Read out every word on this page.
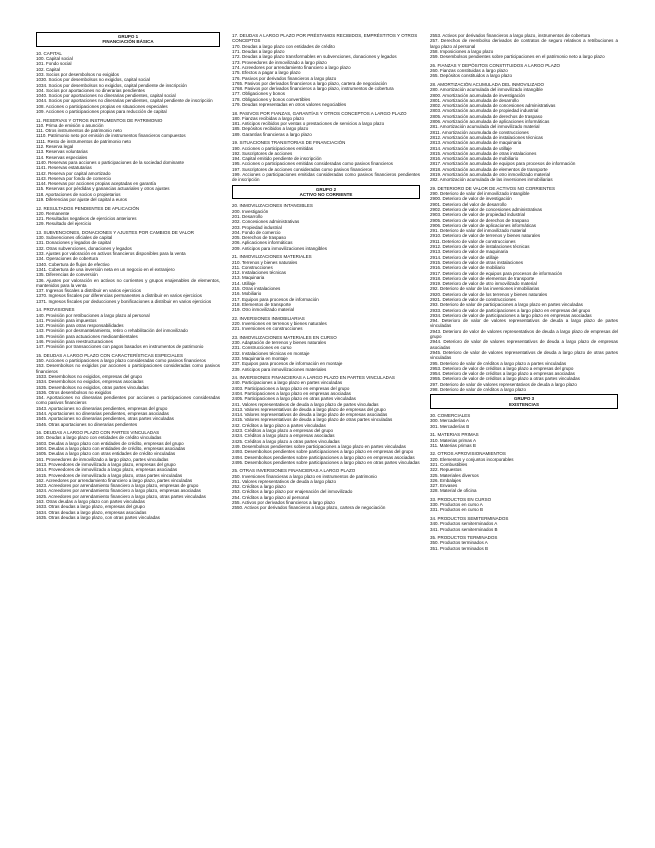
GRUPO 1
FINANCIACIÓN BÁSICA
10. CAPITAL
100. Capital social
101. Fondo social
102. Capital
103. Socios por desembolsos no exigidos
1030. Socios por desembolsos no exigidos, capital social
1034. Socios por desembolsos no exigidos, capital pendiente de inscripción
104. Socios por aportaciones no dinerarias pendientes
1040. Socios por aportaciones no dinerarias pendientes, capital social
1044. Socios por aportaciones no dinerarias pendientes, capital pendiente de inscripción
108. Acciones o participaciones propias en situaciones especiales
109. Acciones o participaciones propias para reducción de capital
11. RESERVAS Y OTROS INSTRUMENTOS DE PATRIMONIO
110. Prima de emisión o asunción
111. Otros instrumentos de patrimonio neto
1110. Patrimonio neto por emisión de instrumentos financieros compuestos
1111. Resto de instrumentos de patrimonio neto
112. Reserva legal
113. Reservas voluntarias
114. Reservas especiales
1140. Reservas para acciones o participaciones de la sociedad dominante
1141. Reservas estatutarias
1142. Reserva por capital amortizado
1143. Reserva por fondo de comercio
1144. Reservas por acciones propias aceptadas en garantía
115. Reservas por pérdidas y ganancias actuariales y otros ajustes
118. Aportaciones de socios o propietarios
119. Diferencias por ajuste del capital a euros
12. RESULTADOS PENDIENTES DE APLICACIÓN
120. Remanente
121. Resultados negativos de ejercicios anteriores
129. Resultado del ejercicio
13. SUBVENCIONES, DONACIONES Y AJUSTES POR CAMBIOS DE VALOR
130. Subvenciones oficiales de capital
131. Donaciones y legados de capital
132. Otras subvenciones, donaciones y legados
133. Ajustes por valoración en activos financieros disponibles para la venta
134. Operaciones de cobertura
1340. Cobertura de flujos de efectivo
1341. Cobertura de una inversión neta en un negocio en el extranjero
135. Diferencias de conversión
136. Ajustes por valoración en activos no corrientes y grupos enajenables de elementos, mantenidos para la venta
137. Ingresos fiscales a distribuir en varios ejercicios
1370. Ingresos fiscales por diferencias permanentes a distribuir en varios ejercicios
1371. Ingresos fiscales por deducciones y bonificaciones a distribuir en varios ejercicios
14. PROVISIONES
140. Provisión por retribuciones a largo plazo al personal
141. Provisión para impuestos
142. Provisión para otras responsabilidades
143. Provisión por desmantelamiento, retiro o rehabilitación del inmovilizado
145. Provisión para actuaciones medioambientales
146. Provisión para reestructuraciones
147. Provisión por transacciones con pagos basados en instrumentos de patrimonio
15. DEUDAS A LARGO PLAZO CON CARACTERÍSTICAS ESPECIALES
150. Acciones o participaciones a largo plazo consideradas como pasivos financieros
153. Desembolsos no exigidos por acciones o participaciones consideradas como pasivos financieros
1533. Desembolsos no exigidos, empresas del grupo
1534. Desembolsos no exigidos, empresas asociadas
1535. Desembolsos no exigidos, otras partes vinculadas
1536. Otros desembolsos no exigidos
154. Aportaciones no dinerarias pendientes por acciones o participaciones consideradas como pasivos financieros
1543. Aportaciones no dinerarias pendientes, empresas del grupo
1544. Aportaciones no dinerarias pendientes, empresas asociadas
1545. Aportaciones no dinerarias pendientes, otras partes vinculadas
1546. Otras aportaciones no dinerarias pendientes
16. DEUDAS A LARGO PLAZO CON PARTES VINCULADAS
160. Deudas a largo plazo con entidades de crédito vinculadas
1603. Deudas a largo plazo con entidades de crédito, empresas del grupo
1604. Deudas a largo plazo con entidades de crédito, empresas asociadas
1605. Deudas a largo plazo con otras entidades de crédito vinculadas
161. Proveedores de inmovilizado a largo plazo, partes vinculadas
1613. Proveedores de inmovilizado a largo plazo, empresas del grupo
1614. Proveedores de inmovilizado a largo plazo, empresas asociadas
1615. Proveedores de inmovilizado a largo plazo, otras partes vinculadas
162. Acreedores por arrendamiento financiero a largo plazo, partes vinculadas
1623. Acreedores por arrendamiento financiero a largo plazo, empresas de grupo
1624. Acreedores por arrendamiento financiero a largo plazo, empresas asociadas
1625. Acreedores por arrendamiento financiero a largo plazo, otras partes vinculadas
163. Otras deudas a largo plazo con partes vinculadas
1633. Otras deudas a largo plazo, empresas del grupo
1634. Otras deudas a largo plazo, empresas asociadas
1635. Otras deudas a largo plazo, con otras partes vinculadas
17. DEUDAS A LARGO PLAZO POR PRÉSTAMOS RECIBIDOS, EMPRÉSTITOS Y OTROS CONCEPTOS
170. Deudas a largo plazo con entidades de crédito
171. Deudas a largo plazo
172. Deudas a largo plazo transformables en subvenciones, donaciones y legados
173. Proveedores de inmovilizado a largo plazo
174. Acreedores por arrendamiento financiero a largo plazo
175. Efectos a pagar a largo plazo
176. Pasivos por derivados financieros a largo plazo
1765. Pasivos por derivados financieros a largo plazo, cartera de negociación
1768. Pasivos por derivados financieros a largo plazo, instrumentos de cobertura
177. Obligaciones y bonos
178. Obligaciones y bonos convertibles
179. Deudas representadas en otros valores negociables
18. PASIVOS POR FIANZAS, GARANTÍAS Y OTROS CONCEPTOS A LARGO PLAZO
180. Fianzas recibidas a largo plazo
181. Anticipos recibidos por ventas o prestaciones de servicios a largo plazo
185. Depósitos recibidos a largo plazo
189. Garantías financieras a largo plazo
19. SITUACIONES TRANSITORIAS DE FINANCIACIÓN
190. Acciones o participaciones emitidas
192. Suscriptores de acciones
194. Capital emitido pendiente de inscripción
195. Acciones o participaciones emitidas consideradas como pasivos financieros
197. Suscriptores de acciones consideradas como pasivos financieros
199. Acciones o participaciones emitidas consideradas como pasivos financieros pendientes de inscripción
GRUPO 2
ACTIVO NO CORRIENTE
20. INMOVILIZACIONES INTANGIBLES
200. Investigación
201. Desarrollo
202. Concesiones administrativas
203. Propiedad industrial
204. Fondo de comercio
205. Derechos de traspaso
206. Aplicaciones informáticas
209. Anticipos para inmovilizaciones intangibles
21. INMOVILIZACIONES MATERIALES
210. Terrenos y bienes naturales
211. Construcciones
212. Instalaciones técnicas
213. Maquinaria
214. Utillaje
215. Otras instalaciones
216. Mobiliario
217. Equipos para procesos de información
218. Elementos de transporte
219. Otro inmovilizado material
22. INVERSIONES INMOBILIARIAS
220. Inversiones en terrenos y bienes naturales
221. Inversiones en construcciones
23. INMOVILIZACIONES MATERIALES EN CURSO
230. Adaptación de terrenos y bienes naturales
231. Construcciones en curso
232. Instalaciones técnicas en montaje
233. Maquinaria en montaje
237. Equipos para procesos de información en montaje
239. Anticipos para inmovilizaciones materiales
24. INVERSIONES FINANCIERAS A LARGO PLAZO EN PARTES VINCULADAS
240. Participaciones a largo plazo en partes vinculadas
2403. Participaciones a largo plazo en empresas del grupo
2404. Participaciones a largo plazo en empresas asociadas
2405. Participaciones a largo plazo en otras partes vinculadas
241. Valores representativos de deuda a largo plazo de partes vinculadas
2413. Valores representativos de deuda a largo plazo de empresas del grupo
2414. Valores representativos de deuda a largo plazo de empresas asociadas
2415. Valores representativos de deuda a largo plazo de otras partes vinculadas
242. Créditos a largo plazo a partes vinculadas
2423. Créditos a largo plazo a empresas del grupo
2424. Créditos a largo plazo a empresas asociadas
2425. Créditos a largo plazo a otras partes vinculadas
249. Desembolsos pendientes sobre participaciones a largo plazo en partes vinculadas
2493. Desembolsos pendientes sobre participaciones a largo plazo en empresas del grupo
2494. Desembolsos pendientes sobre participaciones a largo plazo en empresas asociadas
2495. Desembolsos pendientes sobre participaciones a largo plazo en otras partes vinculadas
25. OTRAS INVERSIONES FINANCIERAS A LARGO PLAZO
250. Inversiones financieras a largo plazo en instrumentos de patrimonio
251. Valores representativos de deuda a largo plazo
252. Créditos a largo plazo
253. Créditos a largo plazo por enajenación del inmovilizado
254. Créditos a largo plazo al personal
255. Activos por derivados financieros a largo plazo
2550. Activos por derivados financieros a largo plazo, cartera de negociación
2553. Activos por derivados financieros a largo plazo, instrumentos de cobertura
257. Derechos de reembolso derivados de contratos de seguro relativos a retribuciones a largo plazo al personal
258. Imposiciones a largo plazo
259. Desembolsos pendientes sobre participaciones en el patrimonio neto a largo plazo
26. FIANZAS Y DEPÓSITOS CONSTITUIDOS A LARGO PLAZO
260. Fianzas constituidas a largo plazo
265. Depósitos constituidos a largo plazo
28. AMORTIZACIÓN ACUMULADA DEL INMOVILIZADO
280. Amortización acumulada del inmovilizado intangible
2800. Amortización acumulada de investigación
2801. Amortización acumulada de desarrollo
2802. Amortización acumulada de concesiones administrativas
2803. Amortización acumulada de propiedad industrial
2805. Amortización acumulada de derechos de traspaso
2806. Amortización acumulada de aplicaciones informáticas
281. Amortización acumulada del inmovilizado material
2811. Amortización acumulada de construcciones
2812. Amortización acumulada de instalaciones técnicas
2813. Amortización acumulada de maquinaria
2814. Amortización acumulada de utillaje
2815. Amortización acumulada de otras instalaciones
2816. Amortización acumulada de mobiliario
2817. Amortización acumulada de equipos para procesos de información
2818. Amortización acumulada de elementos de transporte
2819. Amortización acumulada de otro inmovilizado material
282. Amortización acumulada de las inversiones inmobiliarias
29. DETERIORO DE VALOR DE ACTIVOS NO CORRIENTES
290. Deterioro de valor del inmovilizado intangible
2900. Deterioro de valor de investigación
2901. Deterioro del valor de desarrollo
2902. Deterioro de valor de concesiones administrativas
2903. Deterioro de valor de propiedad industrial
2905. Deterioro de valor de derechos de traspaso
2906. Deterioro de valor de aplicaciones informáticas
291. Deterioro de valor del inmovilizado material
2910. Deterioro de valor de terrenos y bienes naturales
2911. Deterioro de valor de construcciones
2912. Deterioro de valor de instalaciones técnicas
2913. Deterioro de valor de maquinaria
2914. Deterioro de valor de utillaje
2915. Deterioro de valor de otras instalaciones
2916. Deterioro de valor de mobiliario
2917. Deterioro de valor de equipos para procesos de información
2918. Deterioro de valor de elementos de transporte
2919. Deterioro de valor de otro inmovilizado material
292. Deterioro de valor de las inversiones inmobiliarias
2920. Deterioro de valor de los terrenos y bienes naturales
2921. Deterioro de valor de construcciones
293. Deterioro de valor de participaciones a largo plazo en partes vinculadas
2933. Deterioro de valor de participaciones a largo plazo en empresas del grupo
2934. Deterioro de valor de participaciones a largo plazo en empresas asociadas
294. Deterioro de valor de valores representativos de deuda a largo plazo de partes vinculadas
2943. Deterioro de valor de valores representativos de deuda a largo plazo de empresas del grupo
2944. Deterioro de valor de valores representativos de deuda a largo plazo de empresas asociadas
2945. Deterioro de valor de valores representativos de deuda a largo plazo de otras partes vinculadas
295. Deterioro de valor de créditos a largo plazo a partes vinculadas
2953. Deterioro de valor de créditos a largo plazo a empresas del grupo
2954. Deterioro de valor de créditos a largo plazo a empresas asociadas
2955. Deterioro de valor de créditos a largo plazo a otras partes vinculadas
297. Deterioro de valor de valores representativos de deuda a largo plazo
298. Deterioro de valor de créditos a largo plazo
GRUPO 3
EXISTENCIAS
30. COMERCIALES
300. Mercaderías A
301. Mercaderías B
31. MATERIAS PRIMAS
310. Materias primas A
311. Materias primas B
32. OTROS APROVISIONAMIENTOS
320. Elementos y conjuntos incorporables
321. Combustibles
322. Repuestos
325. Materiales diversos
326. Embalajes
327. Envases
328. Material de oficina
33. PRODUCTOS EN CURSO
330. Productos en curso A
331. Productos en curso B
34. PRODUCTOS SEMITERMINADOS
340. Productos semiterminados A
341. Productos semiterminados B
35. PRODUCTOS TERMINADOS
350. Productos terminados A
351. Productos terminados B
